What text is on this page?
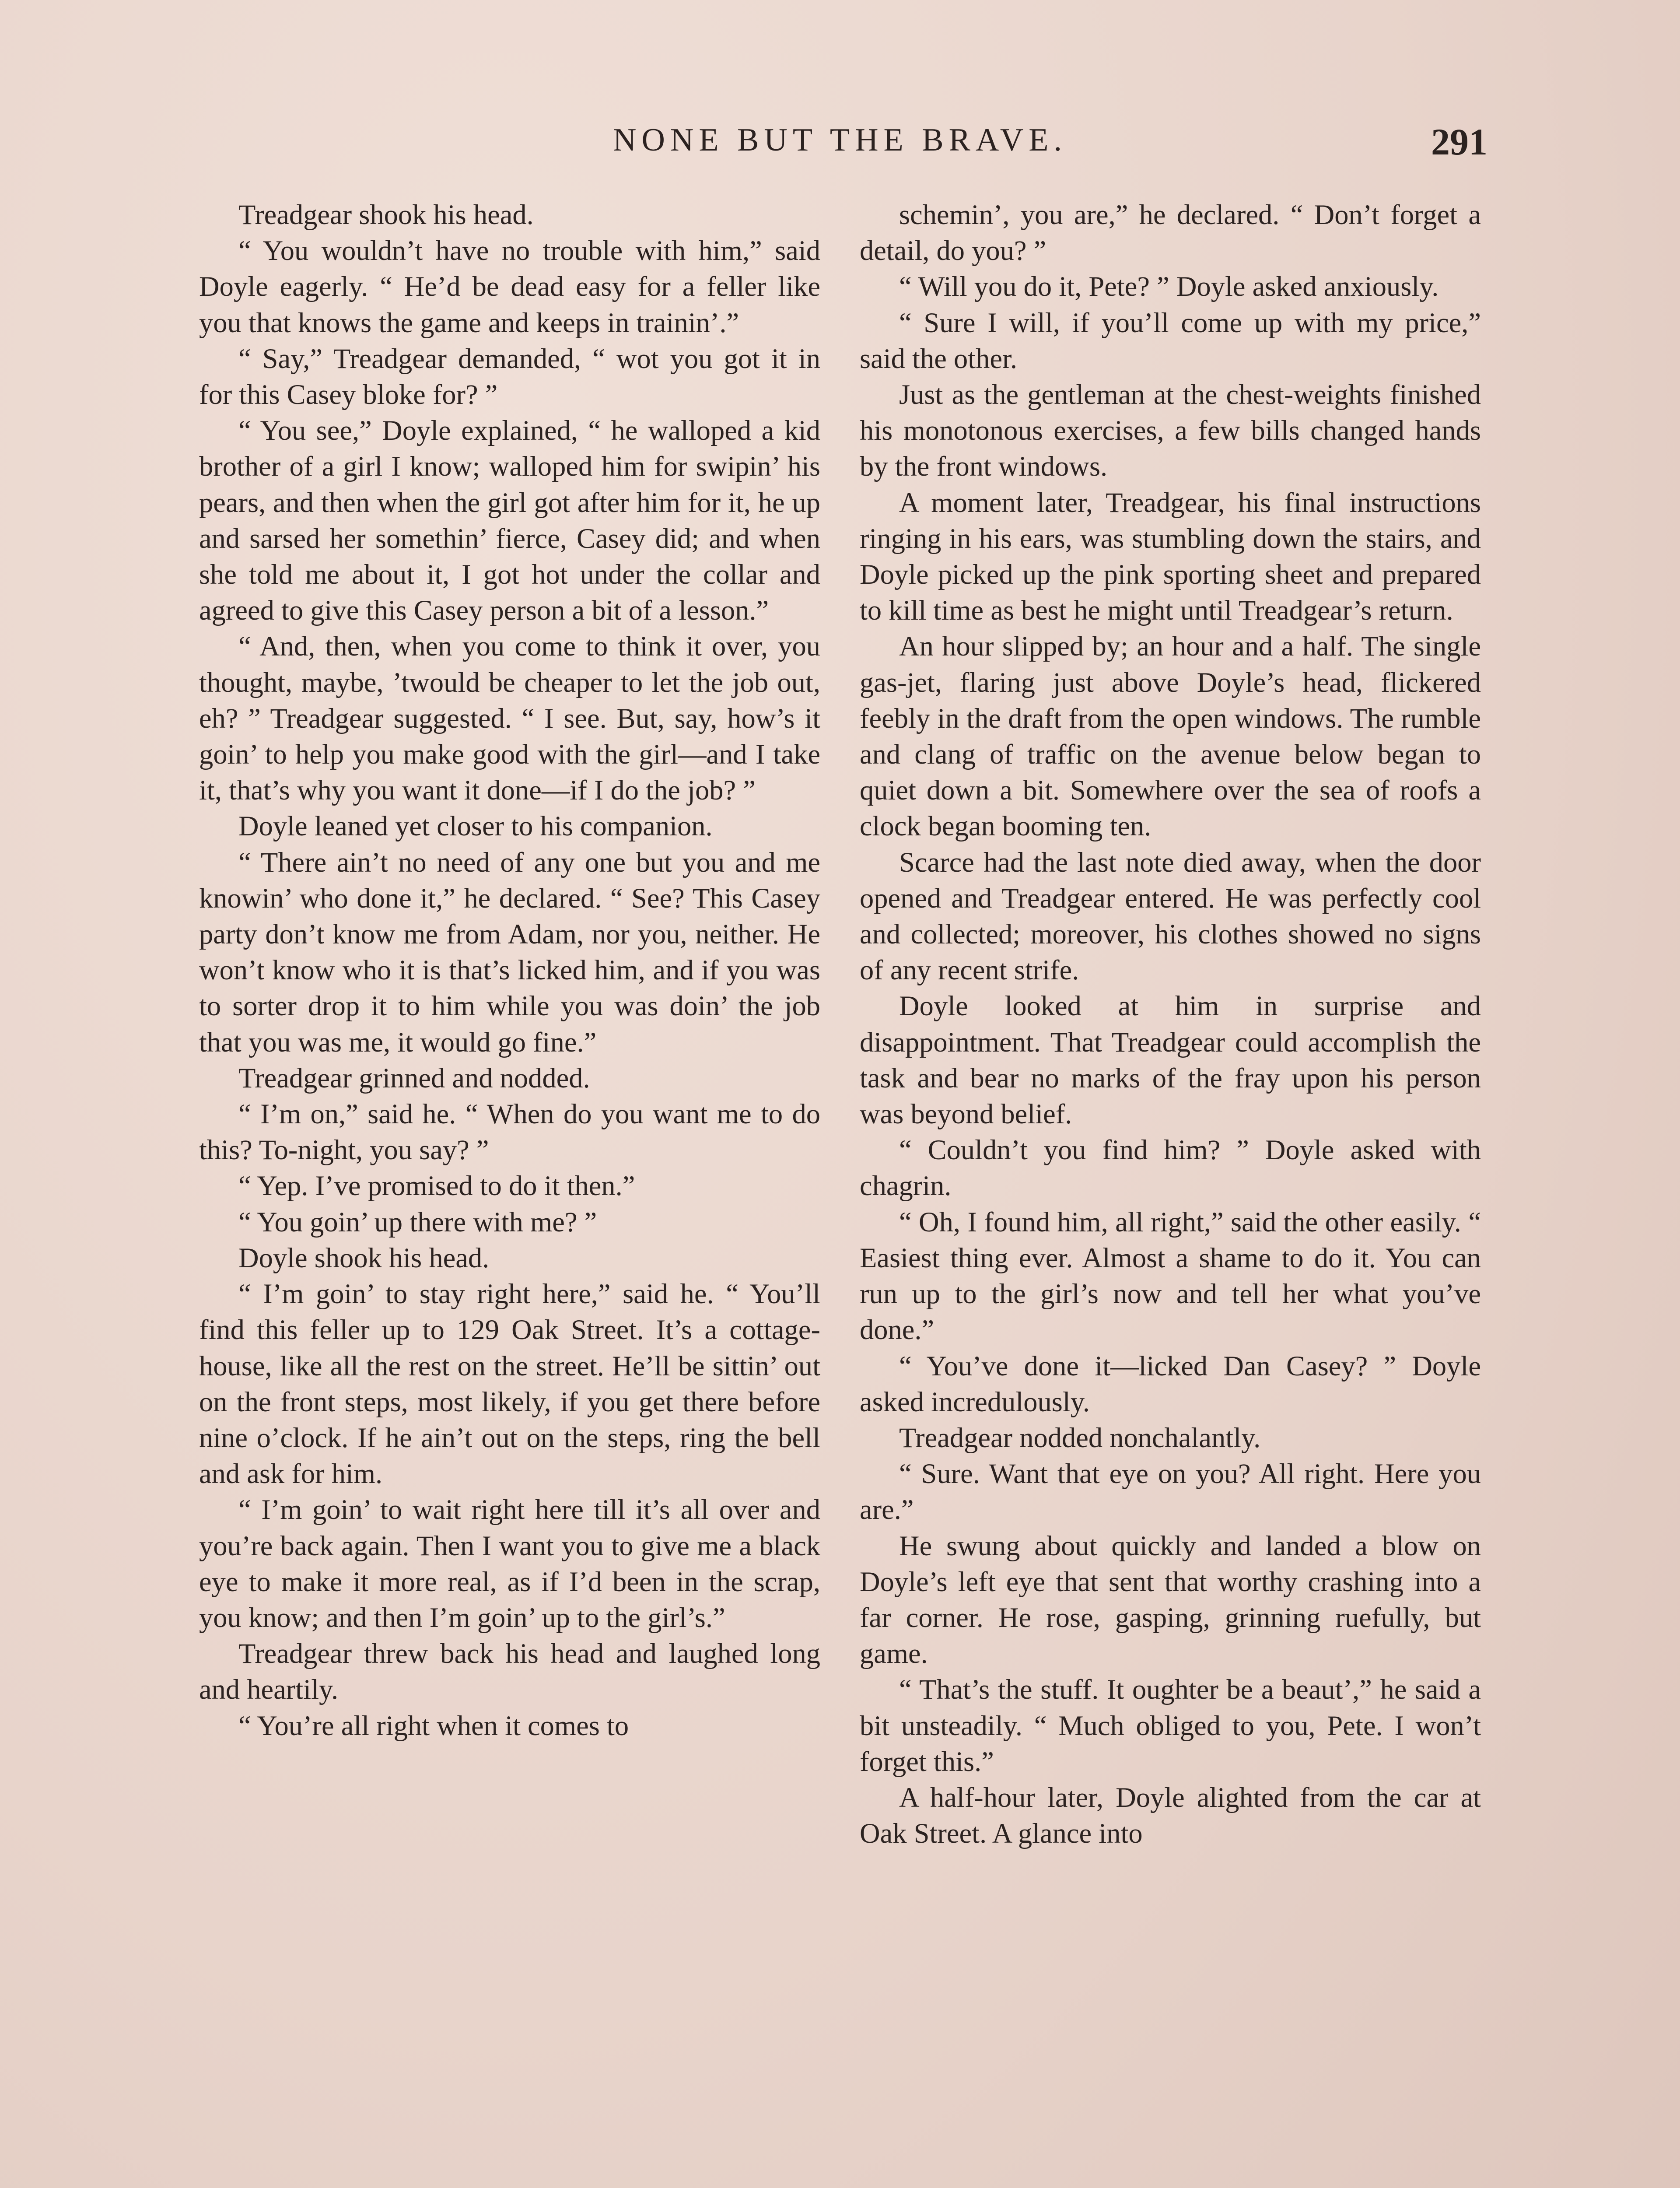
NONE BUT THE BRAVE.	291

Treadgear shook his head.

“ You wouldn’t have no trouble with him,” said Doyle eagerly. “ He’d be dead easy for a feller like you that knows the game and keeps in trainin’.”

“ Say,” Treadgear demanded, “ wot you got it in for this Casey bloke for? ”

“ You see,” Doyle explained, “ he walloped a kid brother of a girl I know; walloped him for swipin’ his pears, and then when the girl got after him for it, he up and sarsed her somethin’ fierce, Casey did; and when she told me about it, I got hot under the collar and agreed to give this Casey person a bit of a lesson.”

“ And, then, when you come to think it over, you thought, maybe, ’twould be cheaper to let the job out, eh? ” Treadgear suggested. “ I see. But, say, how’s it goin’ to help you make good with the girl—and I take it, that’s why you want it done—if I do the job? ”

Doyle leaned yet closer to his companion.

“ There ain’t no need of any one but you and me knowin’ who done it,” he declared. “ See? This Casey party don’t know me from Adam, nor you, neither. He won’t know who it is that’s licked him, and if you was to sorter drop it to him while you was doin’ the job that you was me, it would go fine.”

Treadgear grinned and nodded.

“ I’m on,” said he. “ When do you want me to do this? To-night, you say? ”

“ Yep. I’ve promised to do it then.”

“ You goin’ up there with me? ”

Doyle shook his head.

“ I’m goin’ to stay right here,” said he. “ You’ll find this feller up to 129 Oak Street. It’s a cottage-house, like all the rest on the street. He’ll be sittin’ out on the front steps, most likely, if you get there before nine o’clock. If he ain’t out on the steps, ring the bell and ask for him.

“ I’m goin’ to wait right here till it’s all over and you’re back again. Then I want you to give me a black eye to make it more real, as if I’d been in the scrap, you know; and then I’m goin’ up to the girl’s.”

Treadgear threw back his head and laughed long and heartily.

“ You’re all right when it comes to

schemin’, you are,” he declared. “ Don’t forget a detail, do you? ”

“ Will you do it, Pete? ” Doyle asked anxiously.

“ Sure I will, if you’ll come up with my price,” said the other.

Just as the gentleman at the chest-weights finished his monotonous exercises, a few bills changed hands by the front windows.

A moment later, Treadgear, his final instructions ringing in his ears, was stumbling down the stairs, and Doyle picked up the pink sporting sheet and prepared to kill time as best he might until Treadgear’s return.

An hour slipped by; an hour and a half. The single gas-jet, flaring just above Doyle’s head, flickered feebly in the draft from the open windows. The rumble and clang of traffic on the avenue below began to quiet down a bit. Somewhere over the sea of roofs a clock began booming ten.

Scarce had the last note died away, when the door opened and Treadgear entered. He was perfectly cool and collected; moreover, his clothes showed no signs of any recent strife.

Doyle looked at him in surprise and disappointment. That Treadgear could accomplish the task and bear no marks of the fray upon his person was beyond belief.

“ Couldn’t you find him? ” Doyle asked with chagrin.

“ Oh, I found him, all right,” said the other easily. “ Easiest thing ever. Almost a shame to do it. You can run up to the girl’s now and tell her what you’ve done.”

“ You’ve done it—licked Dan Casey? ” Doyle asked incredulously.

Treadgear nodded nonchalantly.

“ Sure. Want that eye on you? All right. Here you are.”

He swung about quickly and landed a blow on Doyle’s left eye that sent that worthy crashing into a far corner. He rose, gasping, grinning ruefully, but game.

“ That’s the stuff. It oughter be a beaut’,” he said a bit unsteadily. “ Much obliged to you, Pete. I won’t forget this.”

A half-hour later, Doyle alighted from the car at Oak Street. A glance into
